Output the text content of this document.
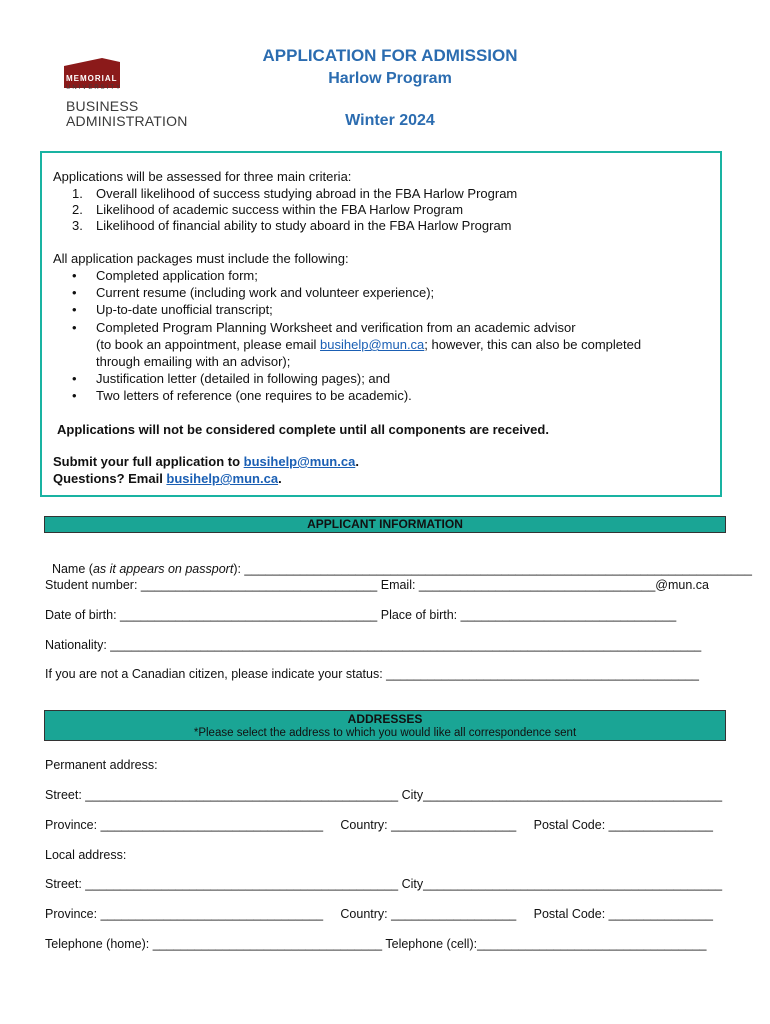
MEMORIAL
UNIVERSITY
BUSINESS
ADMINISTRATION
APPLICATION FOR ADMISSION
Harlow Program
Winter 2024
Applications will be assessed for three main criteria:
1. Overall likelihood of success studying abroad in the FBA Harlow Program
2. Likelihood of academic success within the FBA Harlow Program
3. Likelihood of financial ability to study aboard in the FBA Harlow Program
All application packages must include the following:
• Completed application form;
• Current resume (including work and volunteer experience);
• Up-to-date unofficial transcript;
• Completed Program Planning Worksheet and verification from an academic advisor
(to book an appointment, please email busihelp@mun.ca; however, this can also be completed
through emailing with an advisor);
• Justification letter (detailed in following pages); and
• Two letters of reference (one requires to be academic).
Applications will not be considered complete until all components are received.
Submit your full application to busihelp@mun.ca.
Questions? Email busihelp@mun.ca.
APPLICANT INFORMATION

Name (as it appears on passport): _________________________________________________________________________

Student number: __________________________________ Email: __________________________________@mun.ca
Date of birth: _____________________________________ Place of birth: _______________________________
Nationality: _____________________________________________________________________________________
If you are not a Canadian citizen, please indicate your status: _____________________________________________
ADDRESSES
*Please select the address to which you would like all correspondence sent
Permanent address:
Street: _____________________________________________ City___________________________________________
Province: ________________________________     Country: __________________     Postal Code: _______________
Local address:
Street: _____________________________________________ City___________________________________________
Province: ________________________________     Country: __________________     Postal Code: _______________
Telephone (home): _________________________________ Telephone (cell):_________________________________
